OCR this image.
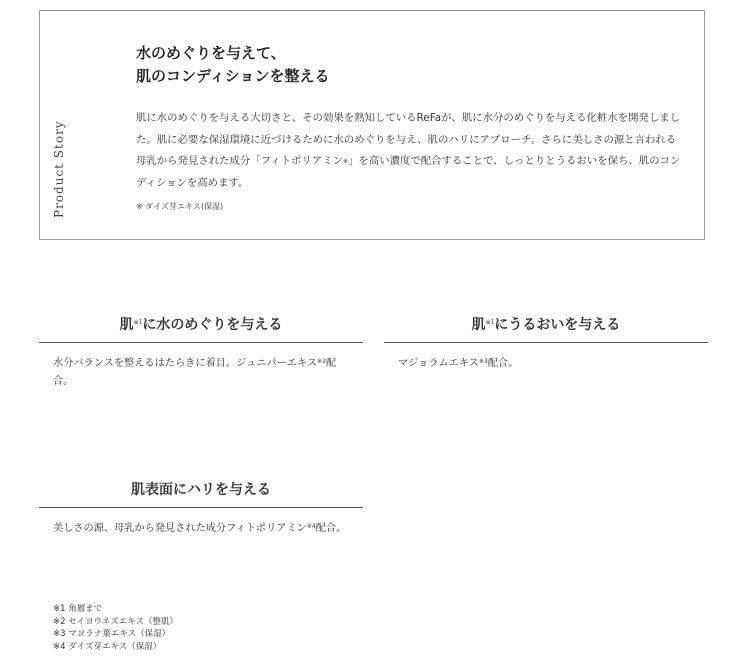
Product Story
水のめぐりを与えて、
肌のコンディションを整える

肌に水のめぐりを与える大切さと、その効果を熟知しているReFaが、肌に水分のめぐりを与える化粧水を開発しました。肌に必要な保湿環境に近づけるために水のめぐりを与え、肌のハリにアプローチ。さらに美しさの源と言われる母乳から発見された成分「フィトポリアミン※」を高い濃度で配合することで、しっとりとうるおいを保ち、肌のコンディションを高めます。

※ ダイズ芽エキス(保湿)
肌$^{※1}$に水のめぐりを与える

水分バランスを整えるはたらきに着目。ジュニパーエキス$^{※2}$配合。

肌$^{※1}$にうるおいを与える

マジョラムエキス$^{※3}$配合。

肌表面にハリを与える

美しさの源、母乳から発見された成分フィトポリアミン$^{※4}$配合。

※1 角層まで
※2 セイヨウネズエキス（整肌）
※3 マヨラナ葉エキス（保湿）
※4 ダイズ芽エキス（保湿）
